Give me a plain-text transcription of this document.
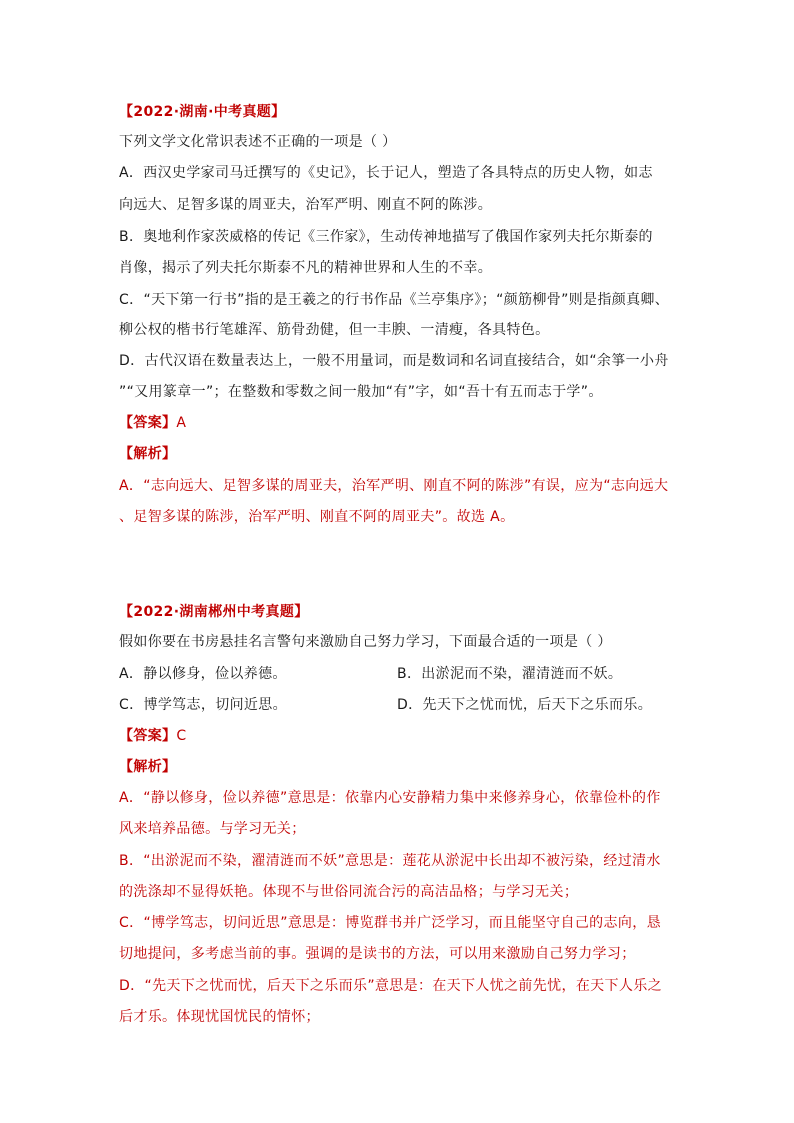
【2022·湖南·中考真题】
下列文学文化常识表述不正确的一项是（ ）
A．西汉史学家司马迁撰写的《史记》，长于记人，塑造了各具特点的历史人物，如志
向远大、足智多谋的周亚夫，治军严明、刚直不阿的陈涉。
B．奥地利作家茨威格的传记《三作家》，生动传神地描写了俄国作家列夫托尔斯泰的
肖像，揭示了列夫托尔斯泰不凡的精神世界和人生的不幸。
C．“天下第一行书”指的是王羲之的行书作品《兰亭集序》；“颜筋柳骨”则是指颜真卿、
柳公权的楷书行笔雄浑、筋骨劲健，但一丰腴、一清瘦，各具特色。
D．古代汉语在数量表达上，一般不用量词，而是数词和名词直接结合，如“余箏一小舟
”“又用篆章一”；在整数和零数之间一般加“有”字，如“吾十有五而志于学”。
【答案】A
【解析】
A．“志向远大、足智多谋的周亚夫，治军严明、刚直不阿的陈涉”有误，应为“志向远大
、足智多谋的陈涉，治军严明、刚直不阿的周亚夫”。故选 A。
【2022·湖南郴州中考真题】
假如你要在书房悬挂名言警句来激励自己努力学习，下面最合适的一项是（ ）
A．静以修身，俭以养德。	B．出淤泥而不染，濯清涟而不妖。
C．博学笃志，切问近思。	D．先天下之忧而忧，后天下之乐而乐。
【答案】C
【解析】
A．“静以修身，俭以养德”意思是：依靠内心安静精力集中来修养身心，依靠俭朴的作
风来培养品德。与学习无关；
B．“出淤泥而不染，濯清涟而不妖”意思是：莲花从淤泥中长出却不被污染，经过清水
的洗涤却不显得妖艳。体现不与世俗同流合污的高洁品格；与学习无关；
C．“博学笃志，切问近思”意思是：博览群书并广泛学习，而且能坚守自己的志向，恳
切地提问，多考虑当前的事。强调的是读书的方法，可以用来激励自己努力学习；
D．“先天下之忧而忧，后天下之乐而乐”意思是：在天下人忧之前先忧，在天下人乐之
后才乐。体现忧国忧民的情怀；
